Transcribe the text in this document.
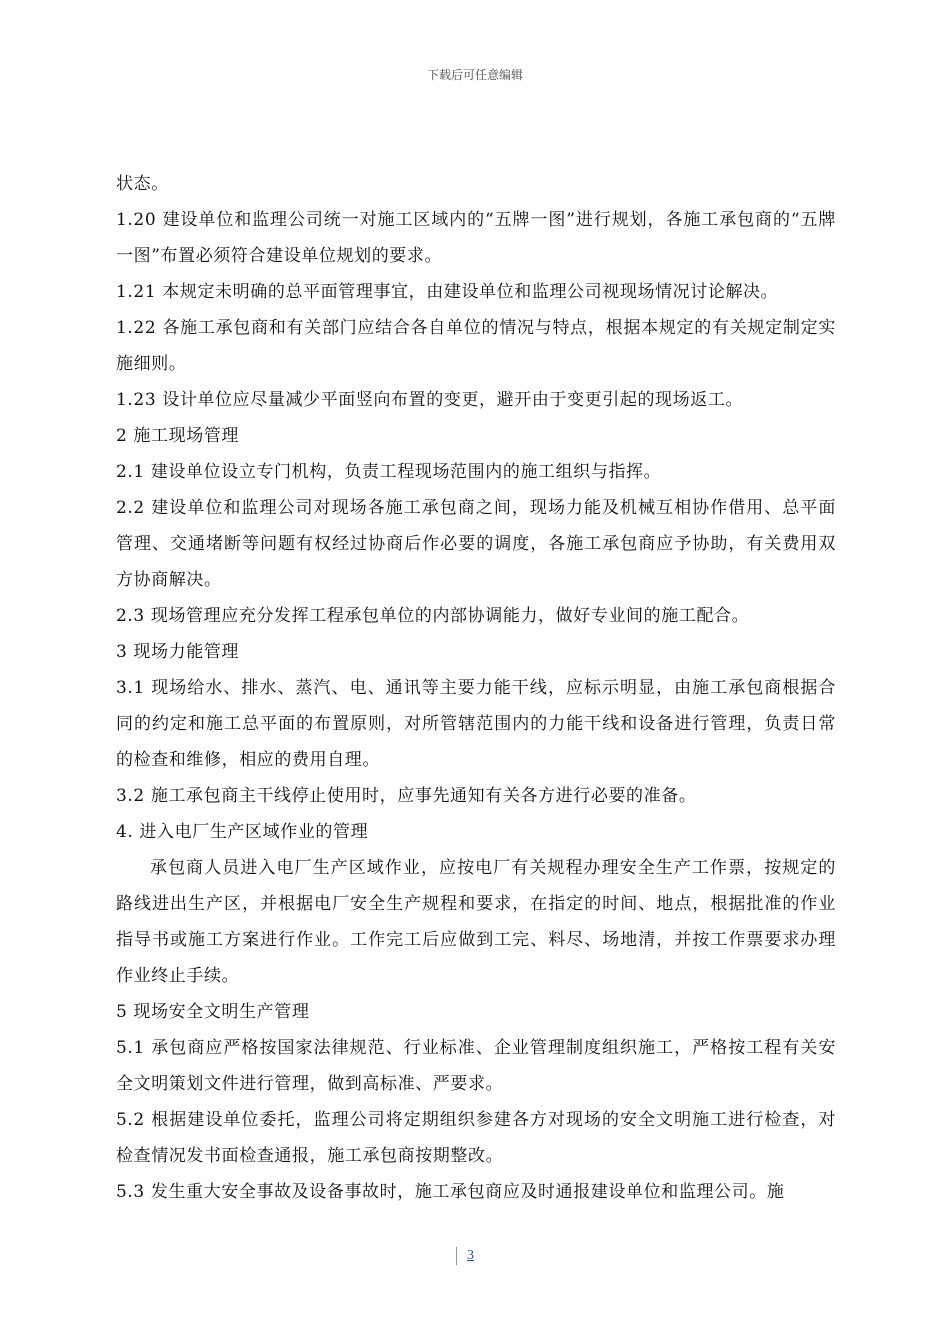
下载后可任意编辑

状态。

1.20 建设单位和监理公司统一对施工区域内的“五牌一图”进行规划，各施工承包商的“五牌一图”布置必须符合建设单位规划的要求。

1.21 本规定未明确的总平面管理事宜，由建设单位和监理公司视现场情况讨论解决。

1.22 各施工承包商和有关部门应结合各自单位的情况与特点，根据本规定的有关规定制定实施细则。

1.23 设计单位应尽量减少平面竖向布置的变更，避开由于变更引起的现场返工。

2 施工现场管理

2.1 建设单位设立专门机构，负责工程现场范围内的施工组织与指挥。

2.2 建设单位和监理公司对现场各施工承包商之间，现场力能及机械互相协作借用、总平面管理、交通堵断等问题有权经过协商后作必要的调度，各施工承包商应予协助，有关费用双方协商解决。

2.3 现场管理应充分发挥工程承包单位的内部协调能力，做好专业间的施工配合。

3 现场力能管理

3.1 现场给水、排水、蒸汽、电、通讯等主要力能干线，应标示明显，由施工承包商根据合同的约定和施工总平面的布置原则，对所管辖范围内的力能干线和设备进行管理，负责日常的检查和维修，相应的费用自理。

3.2 施工承包商主干线停止使用时，应事先通知有关各方进行必要的准备。

4. 进入电厂生产区域作业的管理

承包商人员进入电厂生产区域作业，应按电厂有关规程办理安全生产工作票，按规定的路线进出生产区，并根据电厂安全生产规程和要求，在指定的时间、地点，根据批准的作业指导书或施工方案进行作业。工作完工后应做到工完、料尽、场地清，并按工作票要求办理作业终止手续。

5 现场安全文明生产管理

5.1 承包商应严格按国家法律规范、行业标准、企业管理制度组织施工，严格按工程有关安全文明策划文件进行管理，做到高标准、严要求。

5.2 根据建设单位委托，监理公司将定期组织参建各方对现场的安全文明施工进行检查，对检查情况发书面检查通报，施工承包商按期整改。

5.3 发生重大安全事故及设备事故时，施工承包商应及时通报建设单位和监理公司。施

3
